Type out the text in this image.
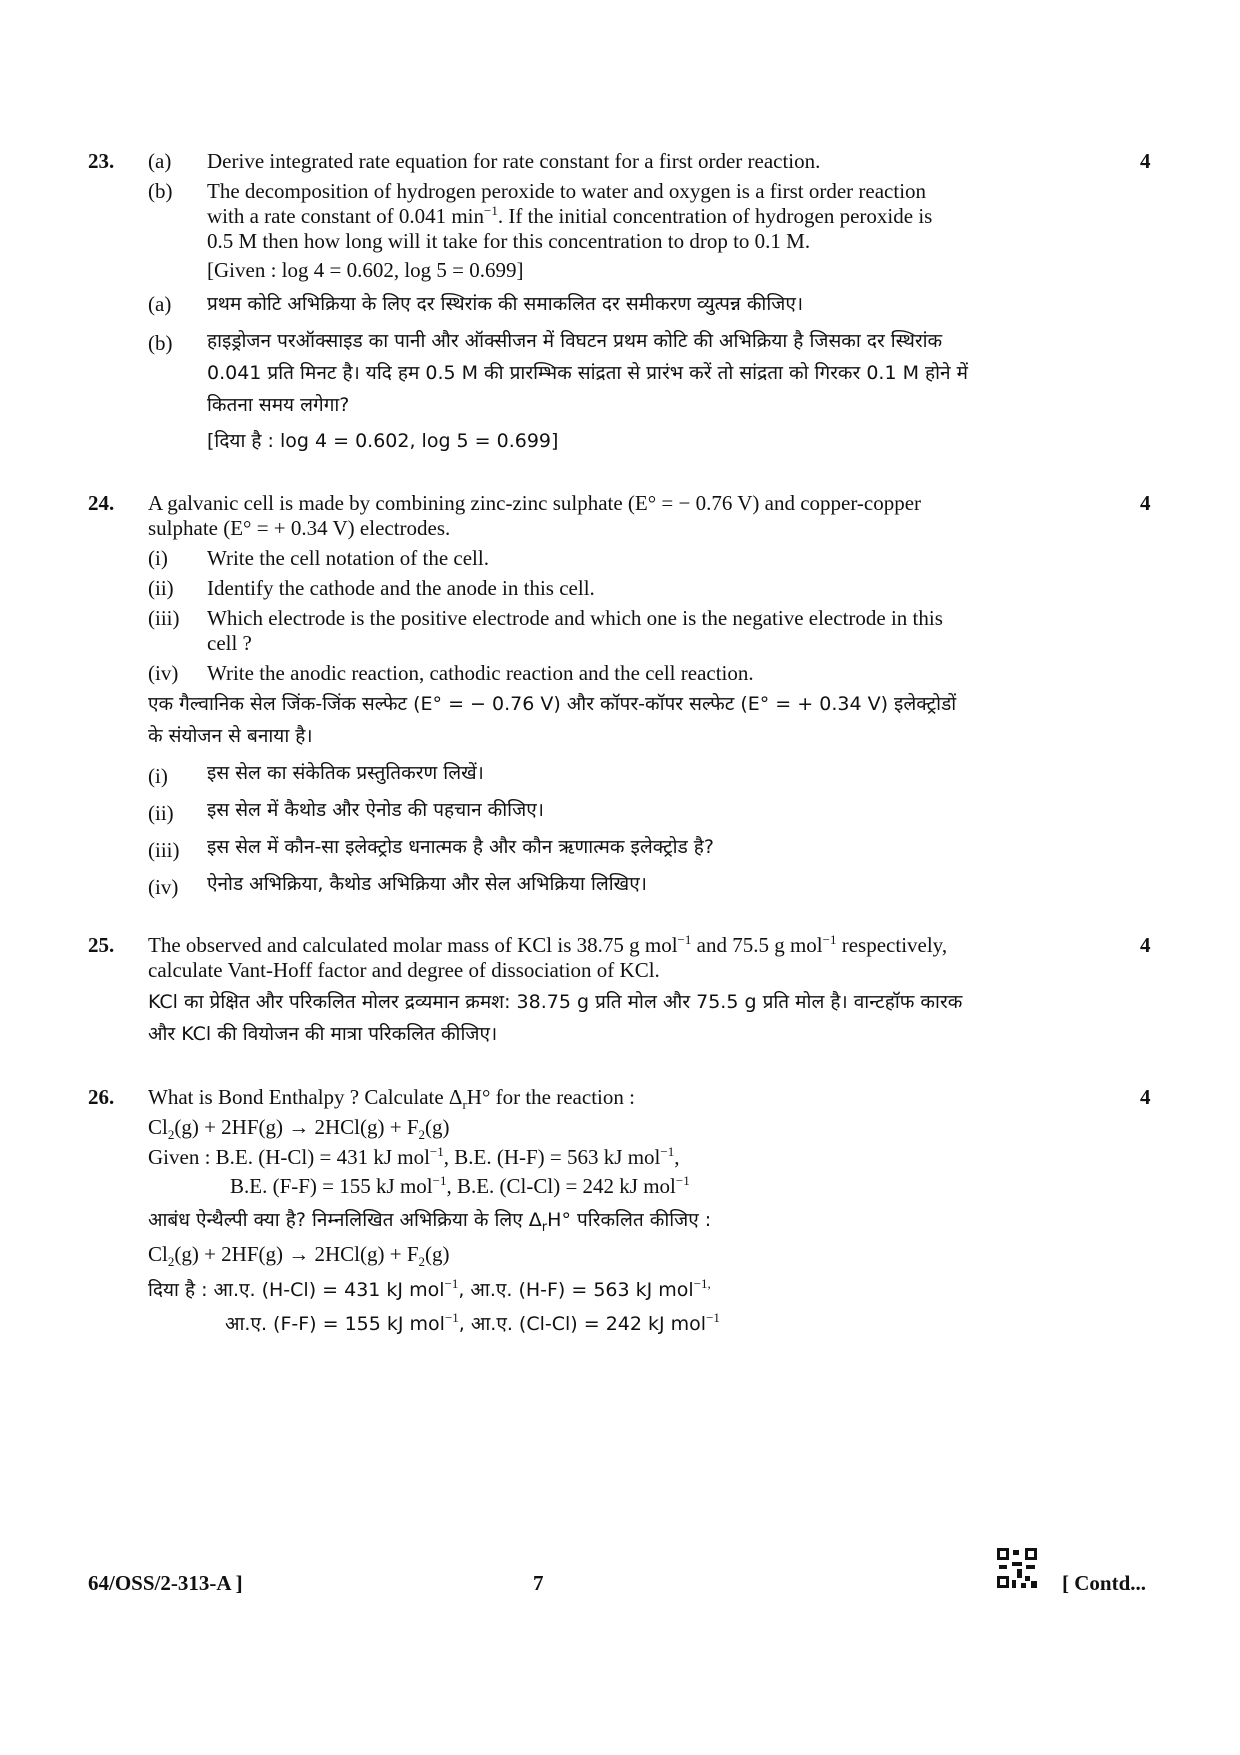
23.	4
(a) Derive integrated rate equation for rate constant for a first order reaction.
(b) The decomposition of hydrogen peroxide to water and oxygen is a first order reaction
with a rate constant of 0.041 $\min^{-1}$. If the initial concentration of hydrogen peroxide is
0.5 M then how long will it take for this concentration to drop to 0.1 M.
[Given : log 4 = 0.602, log 5 = 0.699]
(a) प्रथम कोटि अभिक्रिया के लिए दर स्थिरांक की समाकलित दर समीकरण व्युत्पन्न कीजिए।
(b) हाइड्रोजन परऑक्साइड का पानी और ऑक्सीजन में विघटन प्रथम कोटि की अभिक्रिया है जिसका दर स्थिरांक
0.041 प्रति मिनट है। यदि हम 0.5 M की प्रारम्भिक सांद्रता से प्रारंभ करें तो सांद्रता को गिरकर 0.1 M होने में
कितना समय लगेगा?
[दिया है : log 4 = 0.602, log 5 = 0.699]
24.	4
A galvanic cell is made by combining zinc-zinc sulphate (E° = − 0.76 V) and copper-copper
sulphate (E° = + 0.34 V) electrodes.
(i) Write the cell notation of the cell.
(ii) Identify the cathode and the anode in this cell.
(iii) Which electrode is the positive electrode and which one is the negative electrode in this
cell ?
(iv) Write the anodic reaction, cathodic reaction and the cell reaction.
एक गैल्वानिक सेल जिंक-जिंक सल्फेट (E° = − 0.76 V) और कॉपर-कॉपर सल्फेट (E° = + 0.34 V) इलेक्ट्रोडों
के संयोजन से बनाया है।
(i) इस सेल का संकेतिक प्रस्तुतिकरण लिखें।
(ii) इस सेल में कैथोड और ऐनोड की पहचान कीजिए।
(iii) इस सेल में कौन-सा इलेक्ट्रोड धनात्मक है और कौन ऋणात्मक इलेक्ट्रोड है?
(iv) ऐनोड अभिक्रिया, कैथोड अभिक्रिया और सेल अभिक्रिया लिखिए।
25.	4
The observed and calculated molar mass of KCl is 38.75 g mol$^{-1}$ and 75.5 g mol$^{-1}$ respectively,
calculate Vant-Hoff factor and degree of dissociation of KCl.
KCl का प्रेक्षित और परिकलित मोलर द्रव्यमान क्रमश: 38.75 g प्रति मोल और 75.5 g प्रति मोल है। वान्टहॉफ कारक
और KCl की वियोजन की मात्रा परिकलित कीजिए।
26.	4
What is Bond Enthalpy ? Calculate $\Delta_rH^\circ$ for the reaction :
$Cl_2(g) + 2HF(g) \to 2HCl(g) + F_2(g)$
Given : B.E. (H-Cl) = 431 kJ mol$^{-1}$, B.E. (H-F) = 563 kJ mol$^{-1}$,
B.E. (F-F) = 155 kJ mol$^{-1}$, B.E. (Cl-Cl) = 242 kJ mol$^{-1}$
आबंध ऐन्थैल्पी क्या है? निम्नलिखित अभिक्रिया के लिए $\Delta_rH^\circ$ परिकलित कीजिए :
$Cl_2(g) + 2HF(g) \to 2HCl(g) + F_2(g)$
दिया है : आ.ए. (H-Cl) = 431 kJ mol$^{-1}$, आ.ए. (H-F) = 563 kJ mol$^{-1,}$
आ.ए. (F-F) = 155 kJ mol$^{-1}$, आ.ए. (Cl-Cl) = 242 kJ mol$^{-1}$
64/OSS/2-313-A ]	7	[ Contd...
